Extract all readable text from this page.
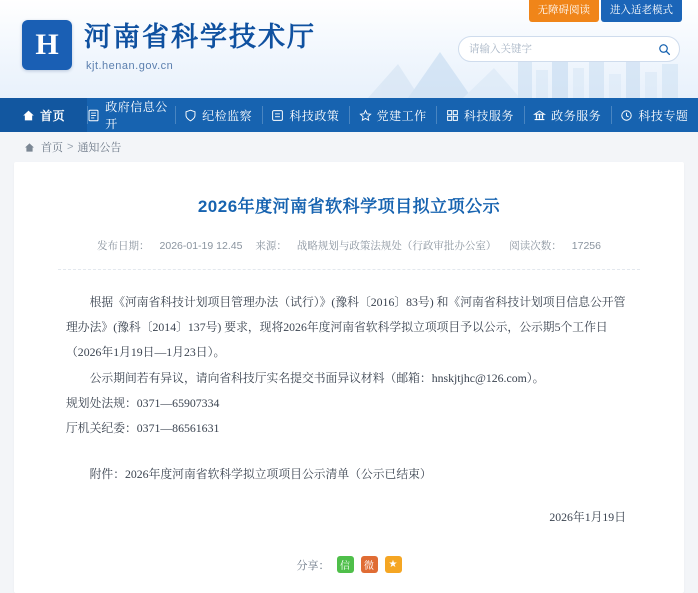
无障碍阅读	进入适老模式
H 河南省科学技术厅
kjt.henan.gov.cn
请输入关键字
首页
政府信息公开
纪检监察	科技政策	党建工作	科技服务	政务服务	科技专题
首页 > 通知公告
2026年度河南省软科学项目拟立项公示
发布日期： 2026-01-19 12.45 来源： 战略规划与政策法规处（行政审批办公室） 阅读次数： 17256

根据《河南省科技计划项目管理办法（试行）》(豫科〔2016〕83号) 和《河南省科技计划项目信息公开管理办法》(豫科〔2014〕137号) 要求，现将2026年度河南省软科学拟立项项目予以公示，公示期5个工作日（2026年1月19日—1月23日）。

公示期间若有异议，请向省科技厅实名提交书面异议材料（邮箱：hnskjtjhc@126.com）。

规划处法规：0371—65907334

厅机关纪委：0371—86561631

附件：2026年度河南省软科学拟立项项目公示清单（公示已结束）
2026年1月19日
分享：	信	微	★
